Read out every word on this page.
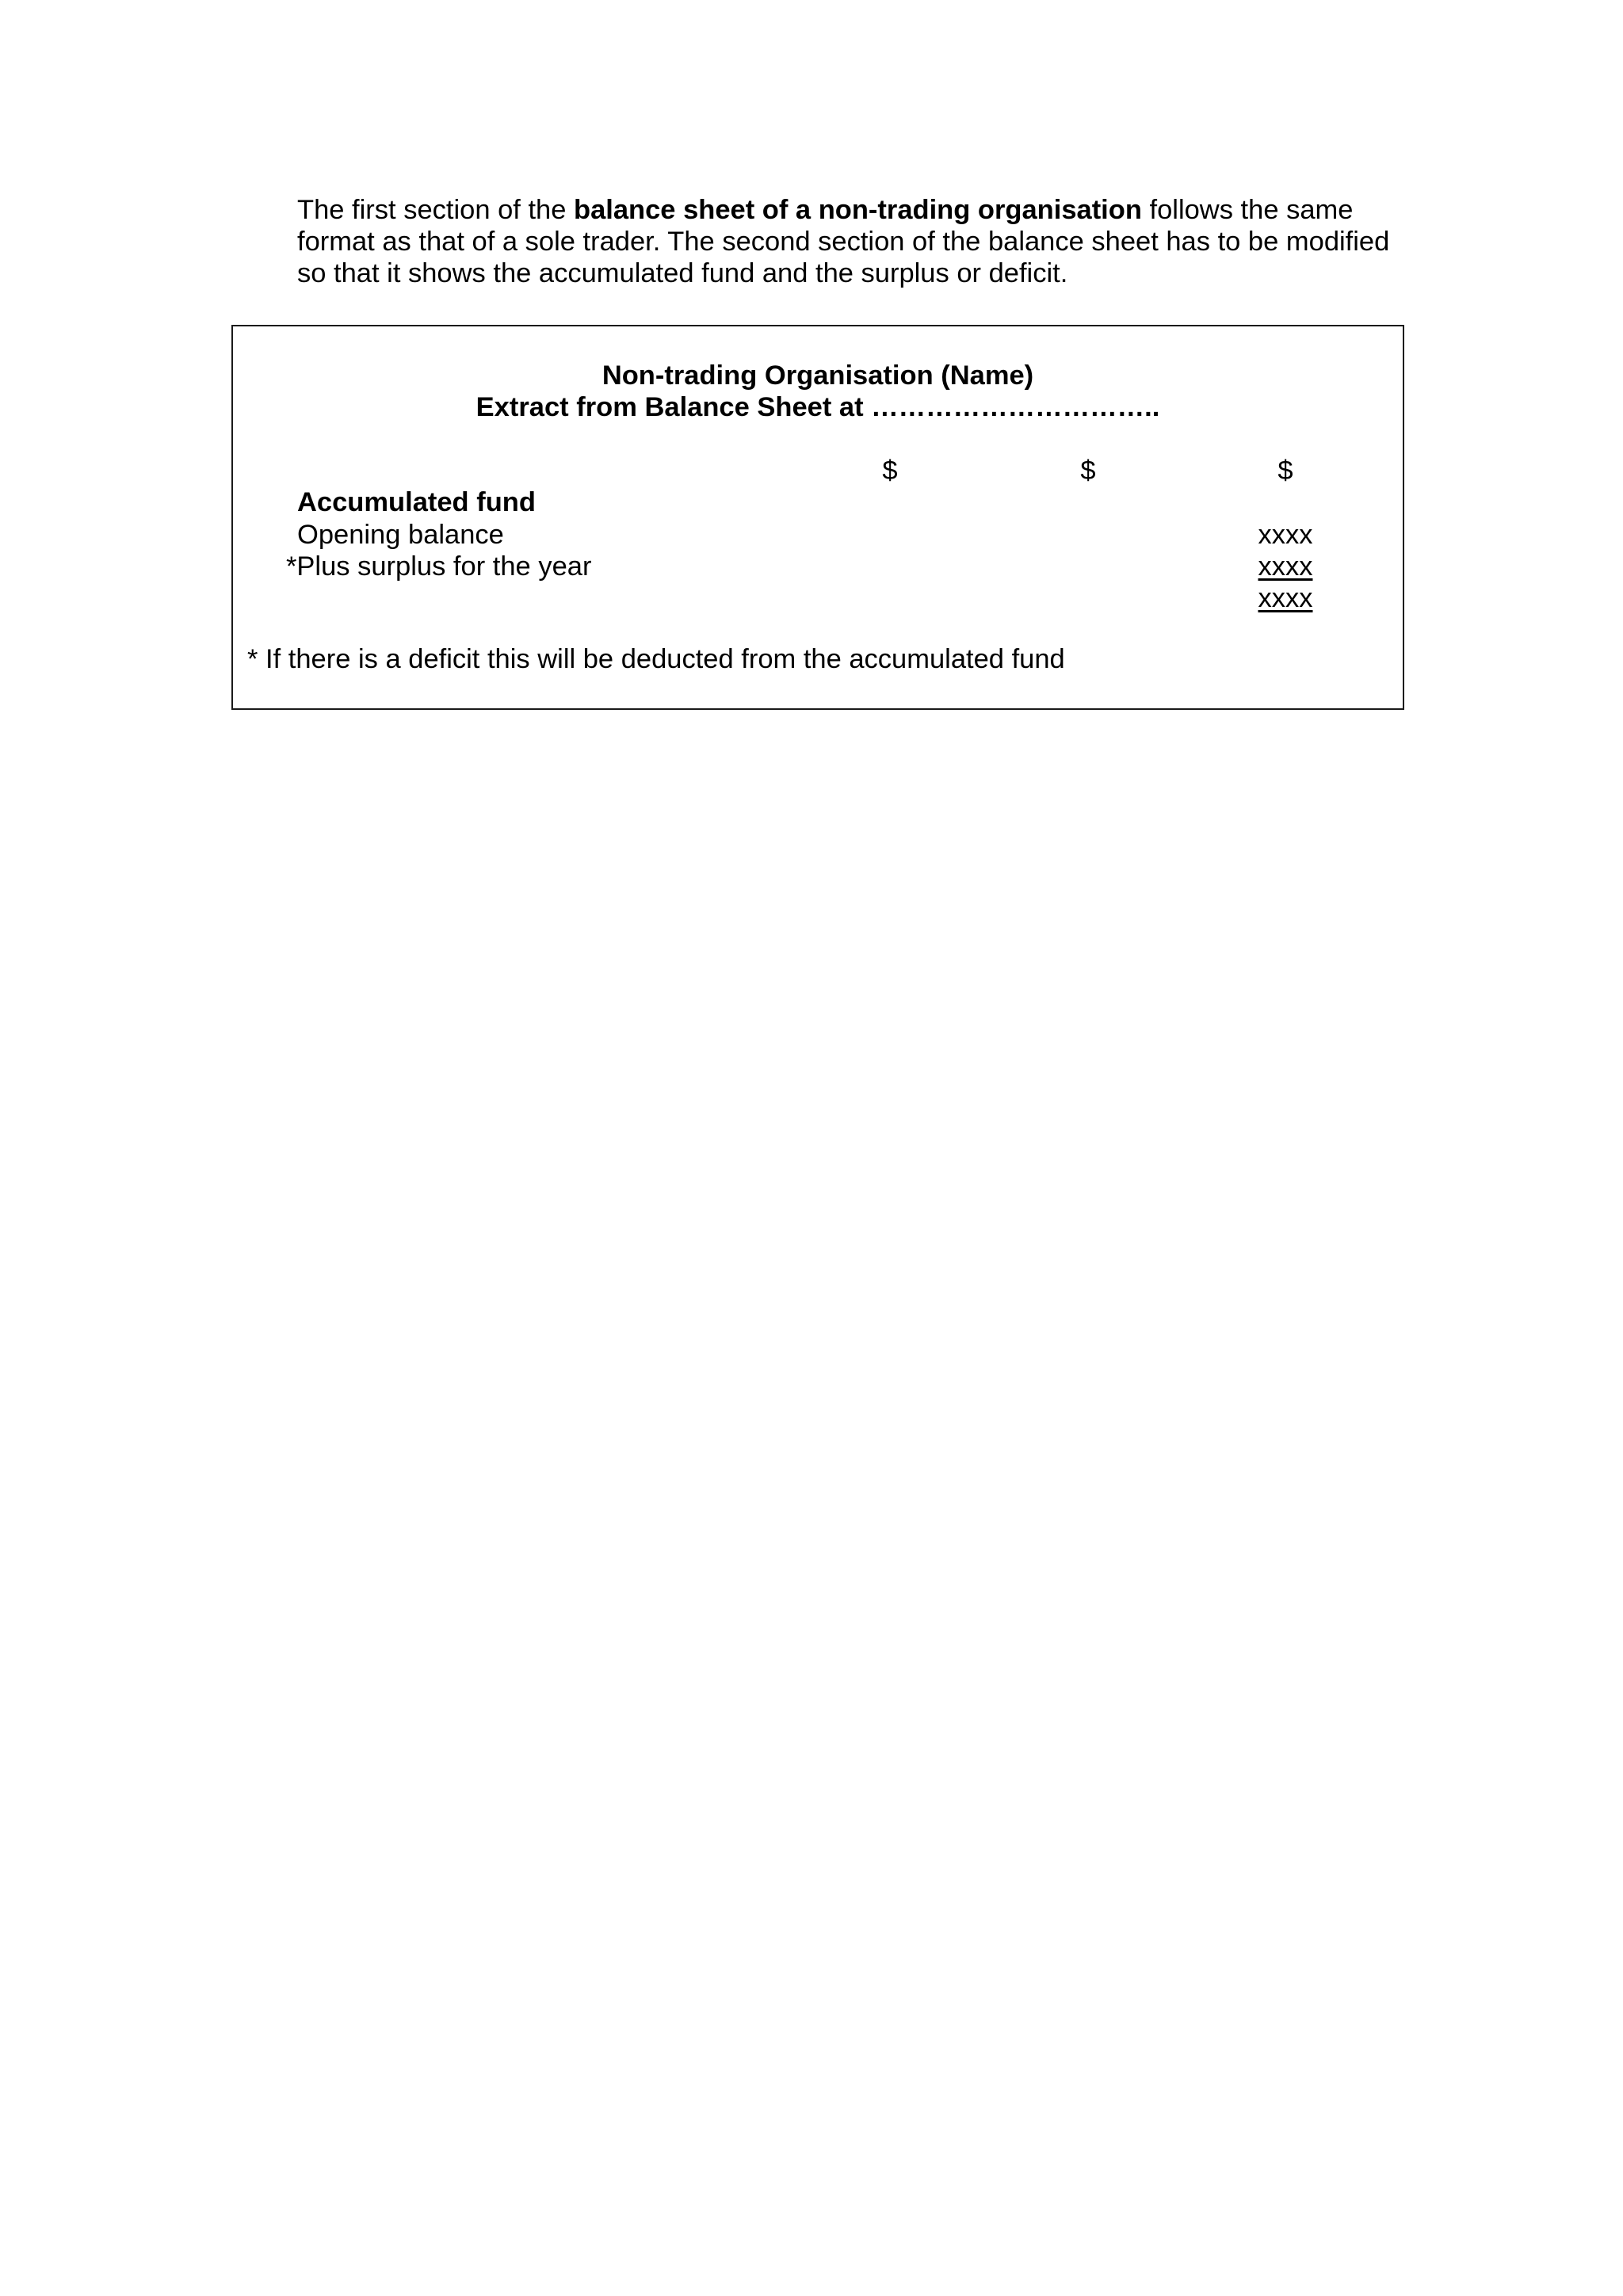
The first section of the balance sheet of a non-trading organisation follows the same format as that of a sole trader. The second section of the balance sheet has to be modified so that it shows the accumulated fund and the surplus or deficit.

Non-trading Organisation (Name)

Extract from Balance Sheet at …………………………..

$	$	$
Accumulated fund
Opening balance	xxxx
*Plus surplus for the year	xxxx
xxxx
* If there is a deficit this will be deducted from the accumulated fund
